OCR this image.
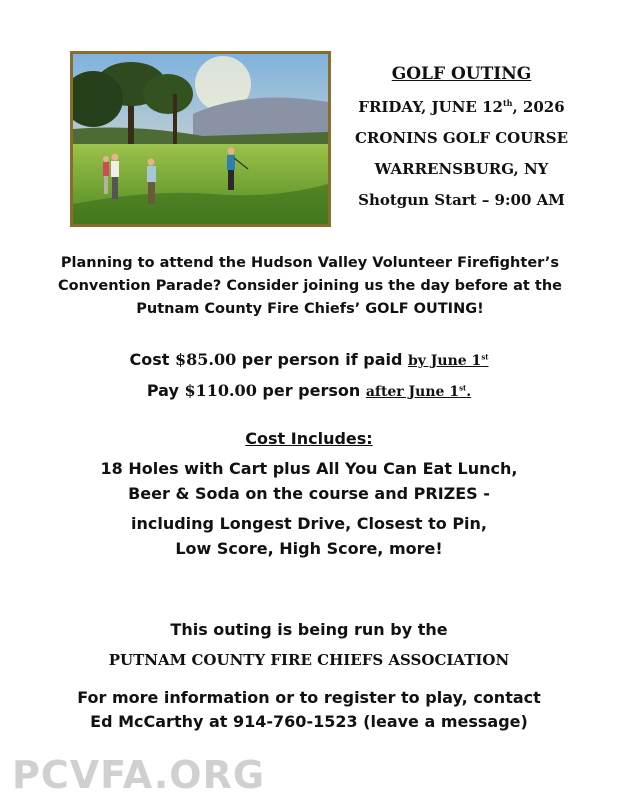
GOLF OUTING
FRIDAY, JUNE 12th, 2026
CRONINS GOLF COURSE
WARRENSBURG, NY
Shotgun Start – 9:00 AM
Planning to attend the Hudson Valley Volunteer Firefighter’s
Convention Parade? Consider joining us the day before at the
Putnam County Fire Chiefs’ GOLF OUTING!
Cost $85.00 per person if paid by June 1st
Pay $110.00 per person after June 1st.
Cost Includes:
18 Holes with Cart plus All You Can Eat Lunch,
Beer & Soda on the course and PRIZES -
including Longest Drive, Closest to Pin,
Low Score, High Score, more!
This outing is being run by the
PUTNAM COUNTY FIRE CHIEFS ASSOCIATION
For more information or to register to play, contact
Ed McCarthy at 914-760-1523 (leave a message)
PCVFA.ORG
